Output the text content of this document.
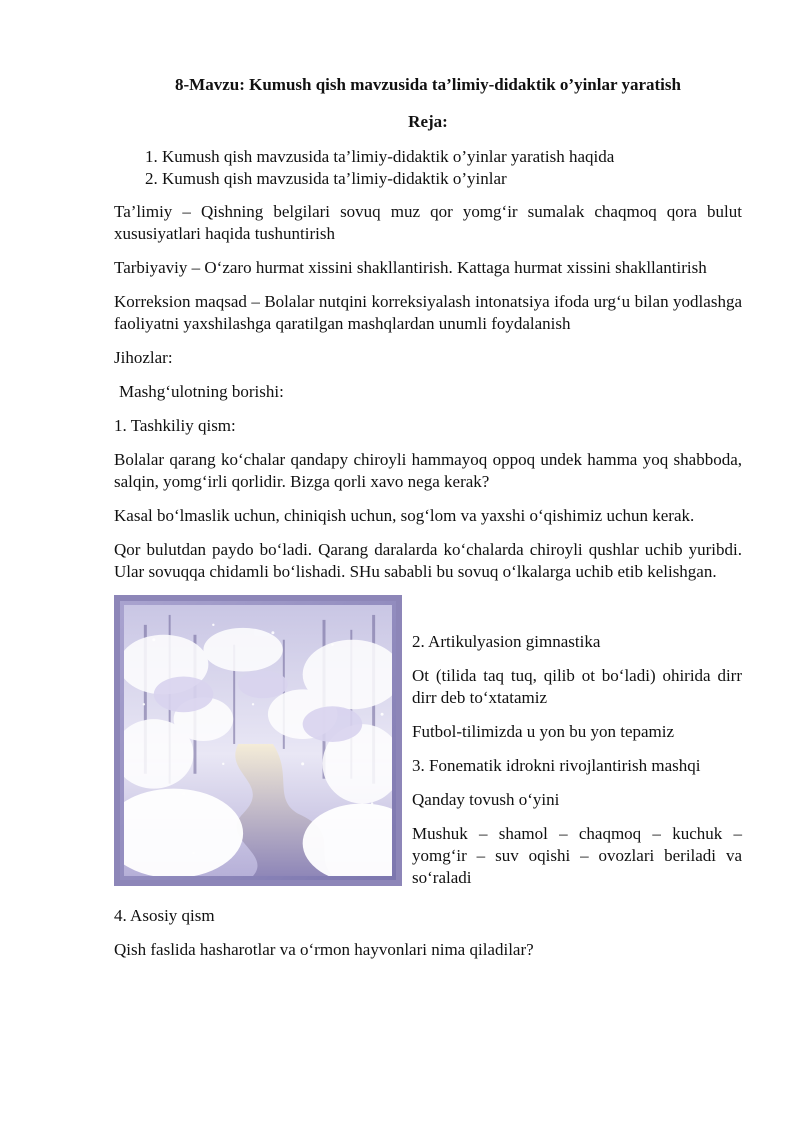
8-Mavzu: Kumush qish mavzusida ta’limiy-didaktik o’yinlar yaratish
Reja:
1. Kumush qish mavzusida ta’limiy-didaktik o’yinlar yaratish haqida
2. Kumush qish mavzusida ta’limiy-didaktik o’yinlar

Ta’limiy – Qishning belgilari sovuq muz qor yomg‘ir sumalak chaqmoq qora bulut xususiyatlari haqida tushuntirish

Tarbiyaviy – O‘zaro hurmat xissini shakllantirish. Kattaga hurmat xissini shakllantirish

Korreksion maqsad – Bolalar nutqini korreksiyalash intonatsiya ifoda urg‘u bilan yodlashga faoliyatni yaxshilashga qaratilgan mashqlardan unumli foydalanish

Jihozlar:

Mashg‘ulotning borishi:

1. Tashkiliy qism:

Bolalar qarang ko‘chalar qandapy chiroyli hammayoq oppoq undek hamma yoq shabboda, salqin, yomg‘irli qorlidir. Bizga qorli xavo nega kerak?

Kasal bo‘lmaslik uchun, chiniqish uchun, sog‘lom va yaxshi o‘qishimiz uchun kerak.

Qor bulutdan paydo bo‘ladi. Qarang daralarda ko‘chalarda chiroyli qushlar uchib yuribdi. Ular sovuqqa chidamli bo‘lishadi. SHu sababli bu sovuq o‘lkalarga uchib etib kelishgan.

2. Artikulyasion gimnastika

Ot (tilida taq tuq, qilib ot bo‘ladi) ohirida dirr dirr deb to‘xtatamiz

Futbol-tilimizda u yon bu yon tepamiz

3. Fonematik idrokni rivojlantirish mashqi

Qanday tovush o‘yini

Mushuk – shamol – chaqmoq – kuchuk – yomg‘ir – suv oqishi – ovozlari beriladi va so‘raladi

4. Asosiy qism

Qish faslida hasharotlar va o‘rmon hayvonlari nima qiladilar?
